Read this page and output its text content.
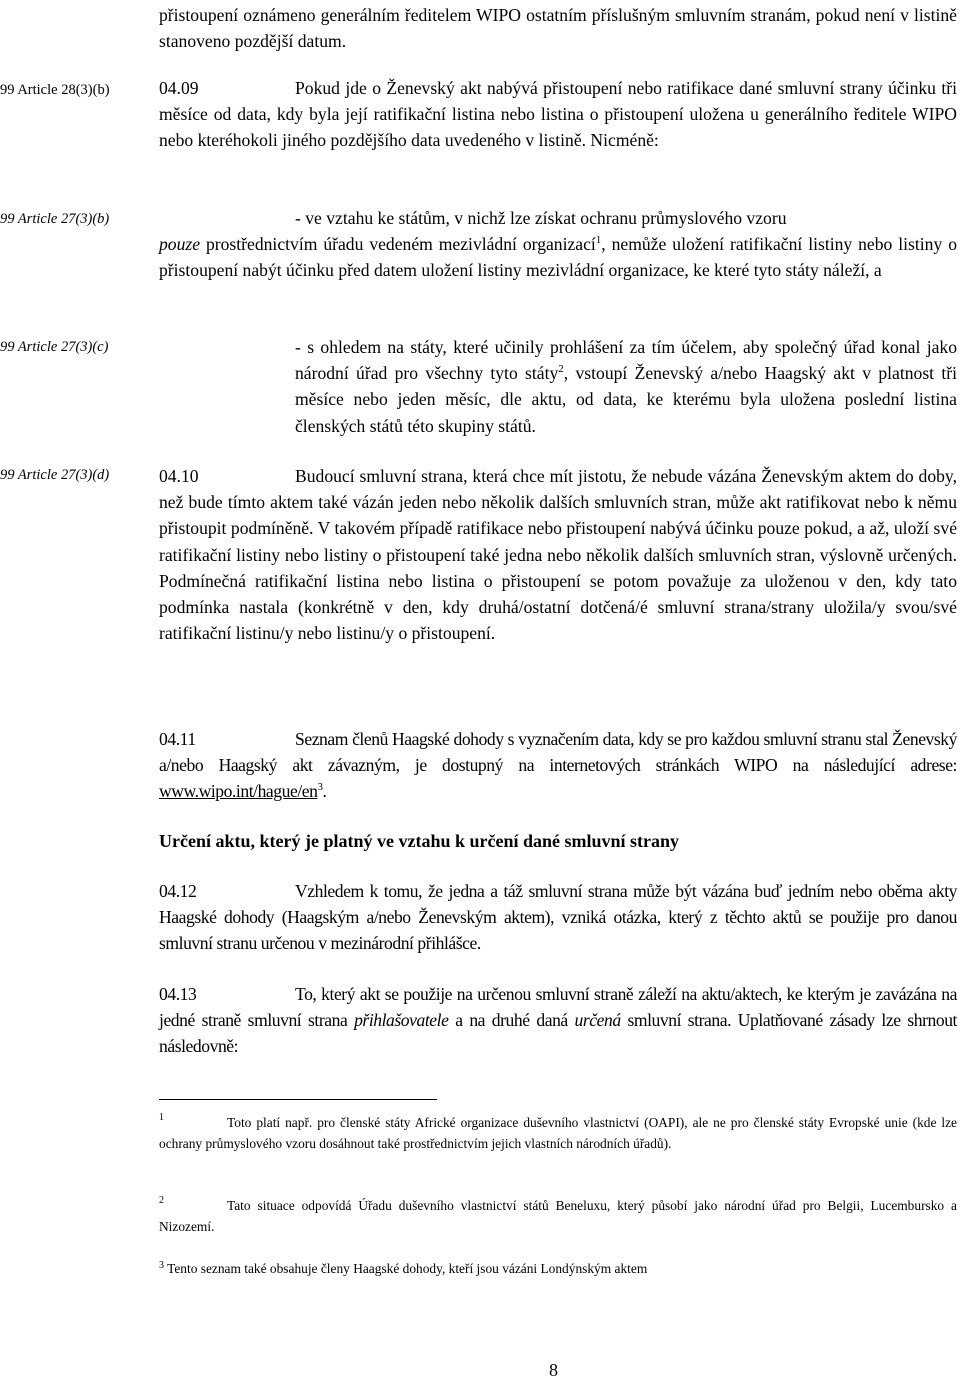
přistoupení oznámeno generálním ředitelem WIPO ostatním příslušným smluvním stranám, pokud není v listině stanoveno pozdější datum.
99 Article 28(3)(b)
99 Article 27(3)(b)
99 Article 27(3)(c)
99 Article 27(3)(d)
04.09	Pokud jde o Ženevský akt nabývá přistoupení nebo ratifikace dané smluvní strany účinku tři měsíce od data, kdy byla její ratifikační listina nebo listina o přistoupení uložena u generálního ředitele WIPO nebo kteréhokoli jiného pozdějšího data uvedeného v listině. Nicméně:
- ve vztahu ke státům, v nichž lze získat ochranu průmyslového vzoru
pouze prostřednictvím úřadu vedeném mezivládní organizací$^1$, nemůže uložení ratifikační listiny nebo listiny o přistoupení nabýt účinku před datem uložení listiny mezivládní organizace, ke které tyto státy náleží, a
- s ohledem na státy, které učinily prohlášení za tím účelem, aby společný úřad konal jako národní úřad pro všechny tyto státy$^2$, vstoupí Ženevský a/nebo Haagský akt v platnost tři měsíce nebo jeden měsíc, dle aktu, od data, ke kterému byla uložena poslední listina členských států této skupiny států.
04.10	Budoucí smluvní strana, která chce mít jistotu, že nebude vázána Ženevským aktem do doby, než bude tímto aktem také vázán jeden nebo několik dalších smluvních stran, může akt ratifikovat nebo k němu přistoupit podmíněně. V takovém případě ratifikace nebo přistoupení nabývá účinku pouze pokud, a až, uloží své ratifikační listiny nebo listiny o přistoupení také jedna nebo několik dalších smluvních stran, výslovně určených. Podmínečná ratifikační listina nebo listina o přistoupení se potom považuje za uloženou v den, kdy tato podmínka nastala (konkrétně v den, kdy druhá/ostatní dotčená/é smluvní strana/strany uložila/y svou/své ratifikační listinu/y nebo listinu/y o přistoupení.
04.11	Seznam členů Haagské dohody s vyznačením data, kdy se pro každou smluvní stranu stal Ženevský a/nebo Haagský akt závazným, je dostupný na internetových stránkách WIPO na následující adrese: $www.wipo.int/hague/en^3$.
Určení aktu, který je platný ve vztahu k určení dané smluvní strany
04.12	Vzhledem k tomu, že jedna a táž smluvní strana může být vázána buď jedním nebo oběma akty Haagské dohody (Haagským a/nebo Ženevským aktem), vzniká otázka, který z těchto aktů se použije pro danou smluvní stranu určenou v mezinárodní přihlášce.
04.13	To, který akt se použije na určenou smluvní straně záleží na aktu/aktech, ke kterým je zavázána na jedné straně smluvní strana přihlašovatele a na druhé daná určená smluvní strana. Uplatňované zásady lze shrnout následovně:
$^1$	Toto platí např. pro členské státy Africké organizace duševního vlastnictví (OAPI), ale ne pro členské státy Evropské unie (kde lze ochrany průmyslového vzoru dosáhnout také prostřednictvím jejich vlastních národních úřadů).
$^2$	Tato situace odpovídá Úřadu duševního vlastnictví států Beneluxu, který působí jako národní úřad pro Belgii, Lucembursko a Nizozemí.
$^3$ Tento seznam také obsahuje členy Haagské dohody, kteří jsou vázáni Londýnským aktem
8
